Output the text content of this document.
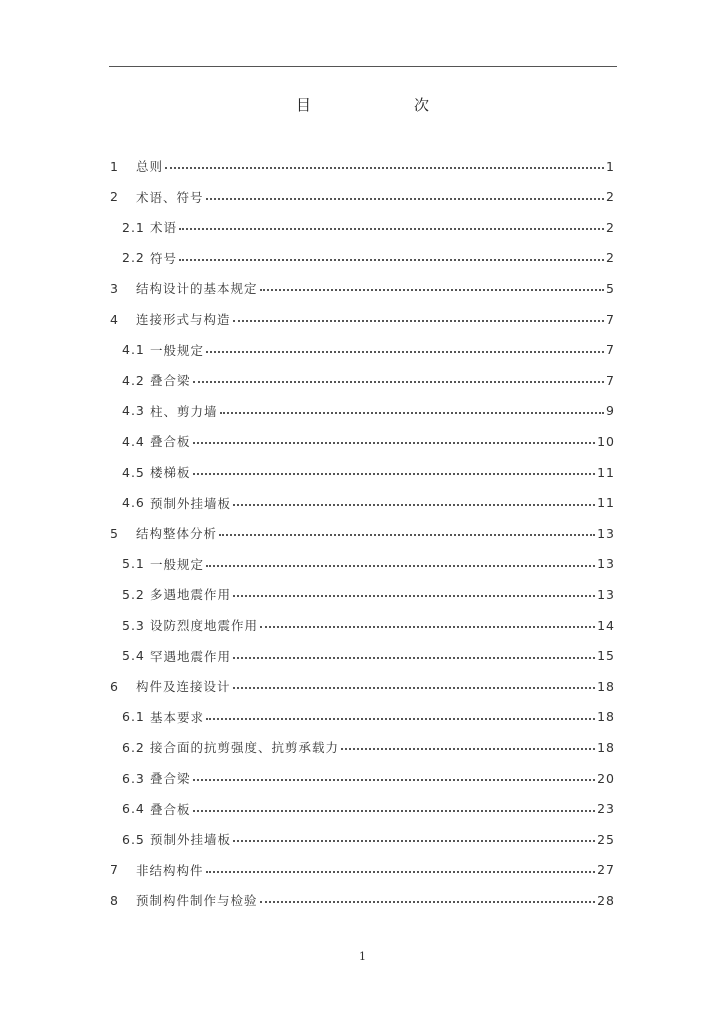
目　次
1	总则	1
2	术语、符号	2
2.1 术语	2
2.2 符号	2
3	结构设计的基本规定	5
4	连接形式与构造	7
4.1 一般规定	7
4.2 叠合梁	7
4.3 柱、剪力墙	9
4.4 叠合板	10
4.5 楼梯板	11
4.6 预制外挂墙板	11
5	结构整体分析	13
5.1 一般规定	13
5.2 多遇地震作用	13
5.3 设防烈度地震作用	14
5.4 罕遇地震作用	15
6	构件及连接设计	18
6.1 基本要求	18
6.2 接合面的抗剪强度、抗剪承载力	18
6.3 叠合梁	20
6.4 叠合板	23
6.5 预制外挂墙板	25
7	非结构构件	27
8	预制构件制作与检验	28
1
